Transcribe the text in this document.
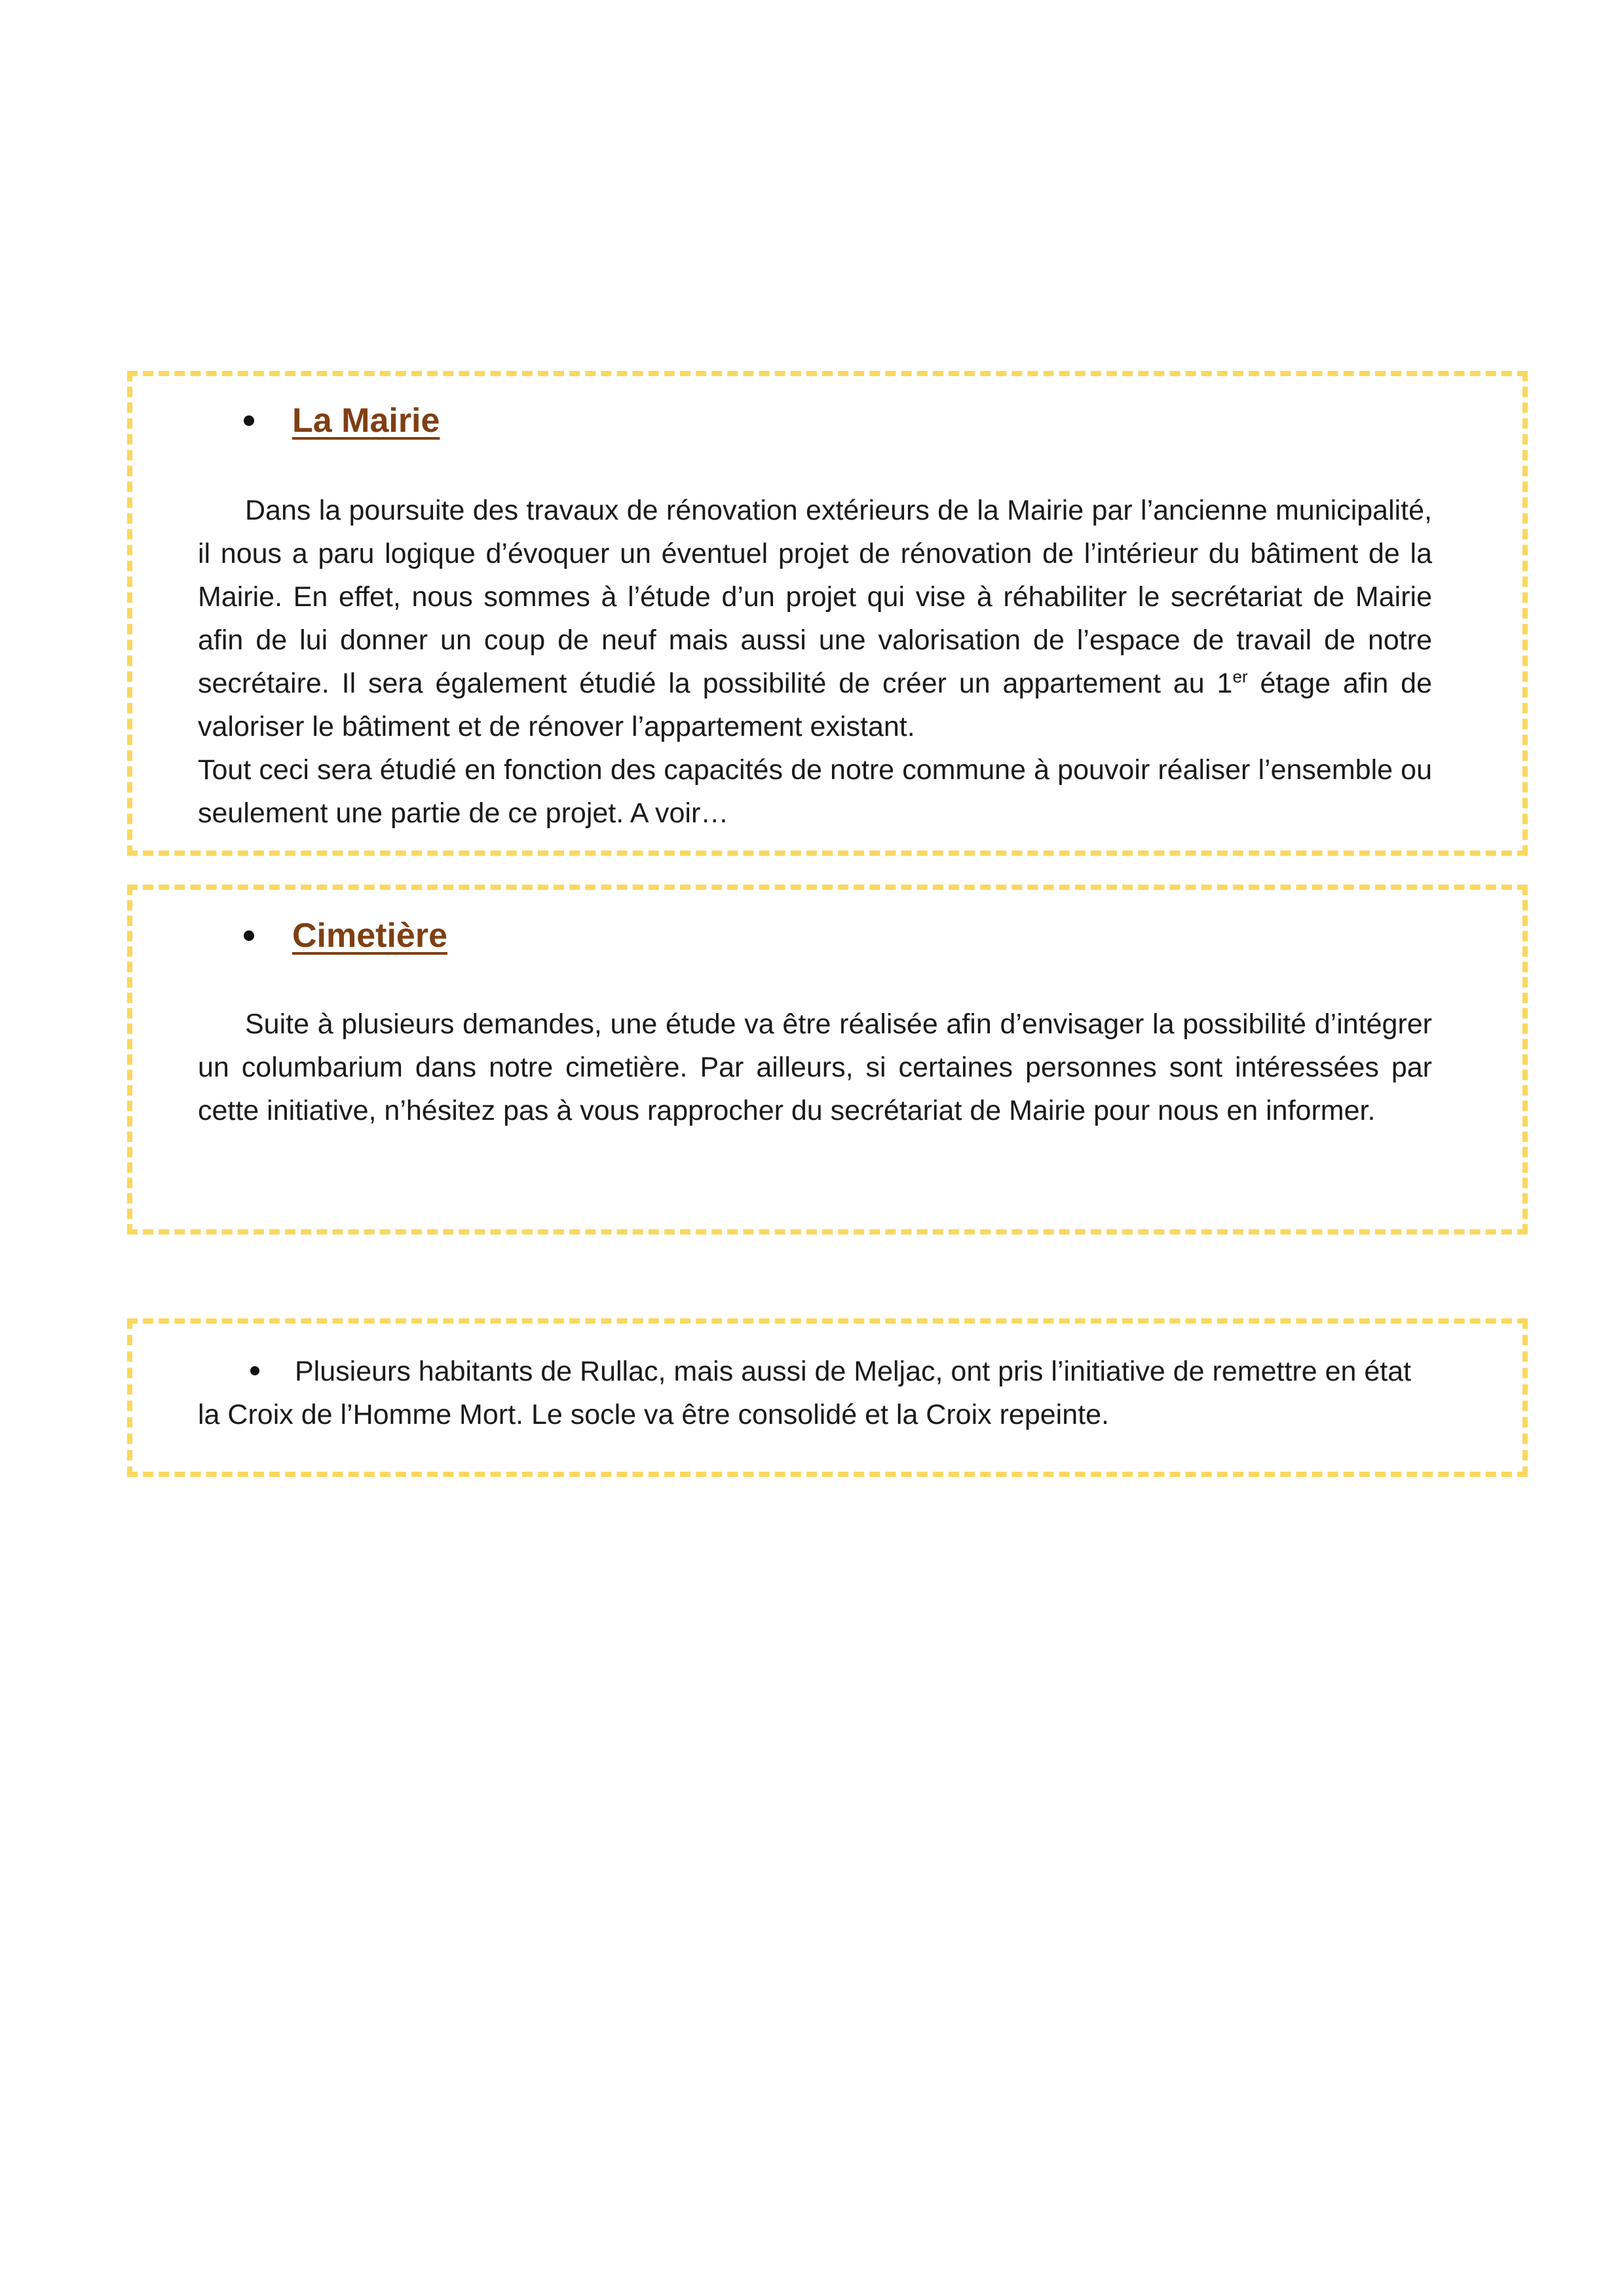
La Mairie

Dans la poursuite des travaux de rénovation extérieurs de la Mairie par l’ancienne municipalité, il nous a paru logique d’évoquer un éventuel projet de rénovation de l’intérieur du bâtiment de la Mairie. En effet, nous sommes à l’étude d’un projet qui vise à réhabiliter le secrétariat de Mairie afin de lui donner un coup de neuf mais aussi une valorisation de l’espace de travail de notre secrétaire. Il sera également étudié la possibilité de créer un appartement au 1er étage afin de valoriser le bâtiment et de rénover l’appartement existant.
Tout ceci sera étudié en fonction des capacités de notre commune à pouvoir réaliser l’ensemble ou seulement une partie de ce projet. A voir…

Cimetière

Suite à plusieurs demandes, une étude va être réalisée afin d’envisager la possibilité d’intégrer un columbarium dans notre cimetière. Par ailleurs, si certaines personnes sont intéressées par cette initiative, n’hésitez pas à vous rapprocher du secrétariat de Mairie pour nous en informer.

Plusieurs habitants de Rullac, mais aussi de Meljac, ont pris l’initiative de remettre en état la Croix de l’Homme Mort. Le socle va être consolidé et la Croix repeinte.
